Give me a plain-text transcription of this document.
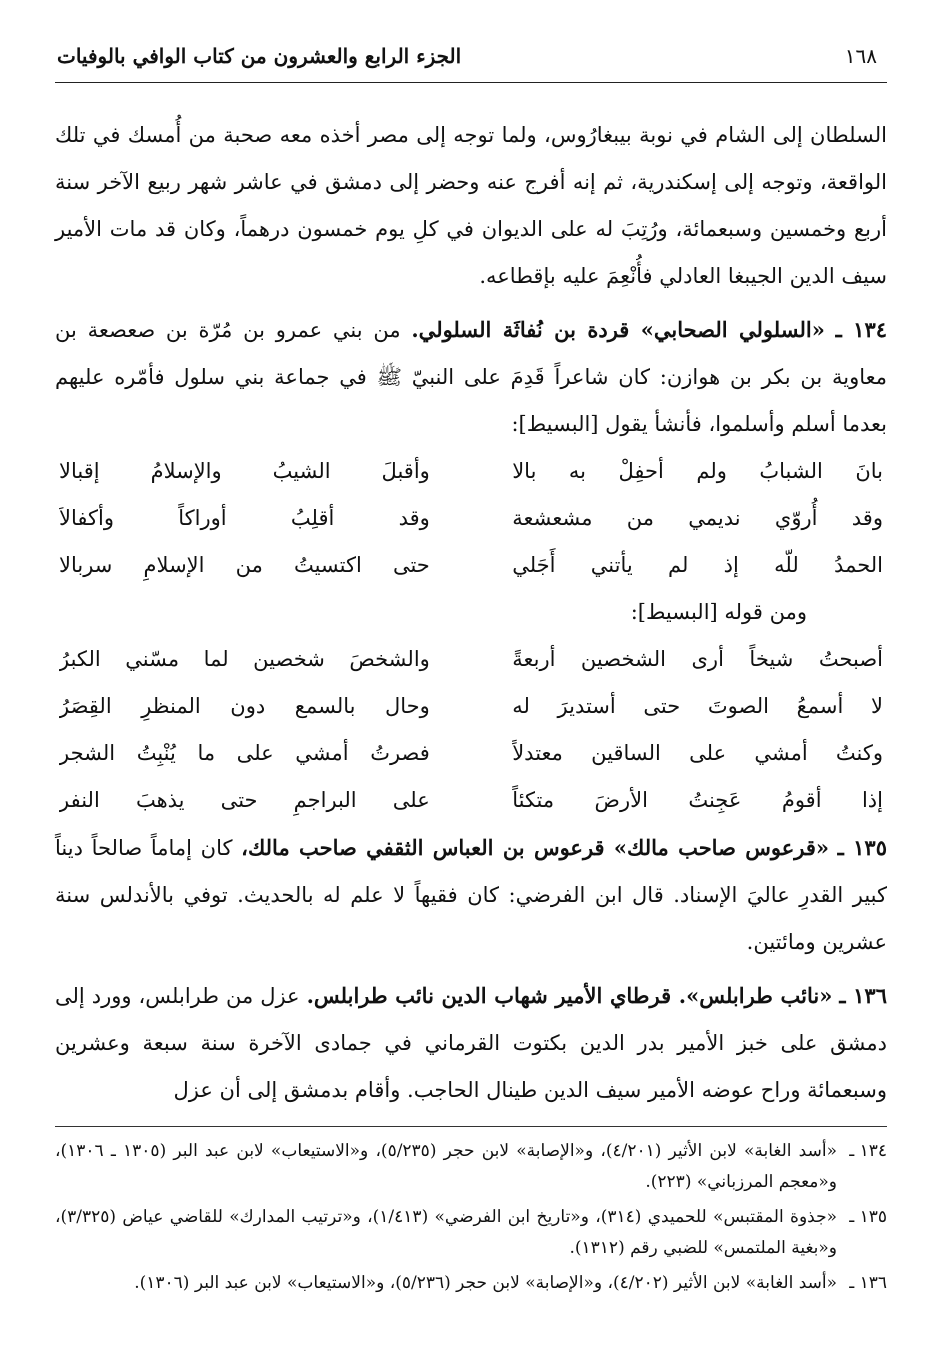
١٦٨
الجزء الرابع والعشرون من كتاب الوافي بالوفيات

السلطان إلى الشام في نوبة بيبغارُوس، ولما توجه إلى مصر أخذه معه صحبة من أُمسك في تلك الواقعة، وتوجه إلى إسكندرية، ثم إنه أفرج عنه وحضر إلى دمشق في عاشر شهر ربيع الآخر سنة أربع وخمسين وسبعمائة، ورُتِبَ له على الديوان في كلِ يوم خمسون درهماً، وكان قد مات الأمير سيف الدين الجيبغا العادلي فأُنْعِمَ عليه بإقطاعه.

١٣٤ ـ «السلولي الصحابي» قردة بن نُفاثَة السلولي. من بني عمرو بن مُرّة بن صعصعة بن معاوية بن بكر بن هوازن: كان شاعراً قَدِمَ على النبيّ ﷺ في جماعة بني سلول فأمّره عليهم بعدما أسلم وأسلموا، فأنشأ يقول [البسيط]:

بانَ الشبابُ ولم أحفِلْ به بالا
وأقبلَ الشيبُ والإسلامُ إقبالا
وقد أُروّي نديمي من مشعشعة
وقد أقلِبُ أوراكاً وأكفالاَ
الحمدُ للّه إذ لم يأتني أَجَلي
حتى اكتسيتُ من الإسلامِ سربالا

ومن قوله [البسيط]:

أصبحتُ شيخاً أرى الشخصين أربعةً
والشخصَ شخصين لما مسّني الكبرُ
لا أسمعُ الصوتَ حتى أستديرَ له
وحال بالسمع دون المنظرِ القِصَرُ
وكنتُ أمشي على الساقين معتدلاً
فصرتُ أمشي على ما يُنْبِتُ الشجر
إذا أقومُ عَجِنتُ الأرضَ متكئاً
على البراجمِ حتى يذهبَ النفر

١٣٥ ـ «قرعوس صاحب مالك» قرعوس بن العباس الثقفي صاحب مالك، كان إماماً صالحاً ديناً كبير القدرِ عاليَ الإسناد. قال ابن الفرضي: كان فقيهاً لا علم له بالحديث. توفي بالأندلس سنة عشرين ومائتين.

١٣٦ ـ «نائب طرابلس». قرطاي الأمير شهاب الدين نائب طرابلس. عزل من طرابلس، وورد إلى دمشق على خبز الأمير بدر الدين بكتوت القرماني في جمادى الآخرة سنة سبعة وعشرين وسبعمائة وراح عوضه الأمير سيف الدين طينال الحاجب. وأقام بدمشق إلى أن عزل

١٣٤ ـ
«أسد الغابة» لابن الأثير (٤/٢٠١)، و«الإصابة» لابن حجر (٥/٢٣٥)، و«الاستيعاب» لابن عبد البر (١٣٠٥ ـ ١٣٠٦)، و«معجم المرزباني» (٢٢٣).
١٣٥ ـ
«جذوة المقتبس» للحميدي (٣١٤)، و«تاريخ ابن الفرضي» (١/٤١٣)، و«ترتيب المدارك» للقاضي عياض (٣/٣٢٥)، و«بغية الملتمس» للضبي رقم (١٣١٢).
١٣٦ ـ
«أسد الغابة» لابن الأثير (٤/٢٠٢)، و«الإصابة» لابن حجر (٥/٢٣٦)، و«الاستيعاب» لابن عبد البر (١٣٠٦).
